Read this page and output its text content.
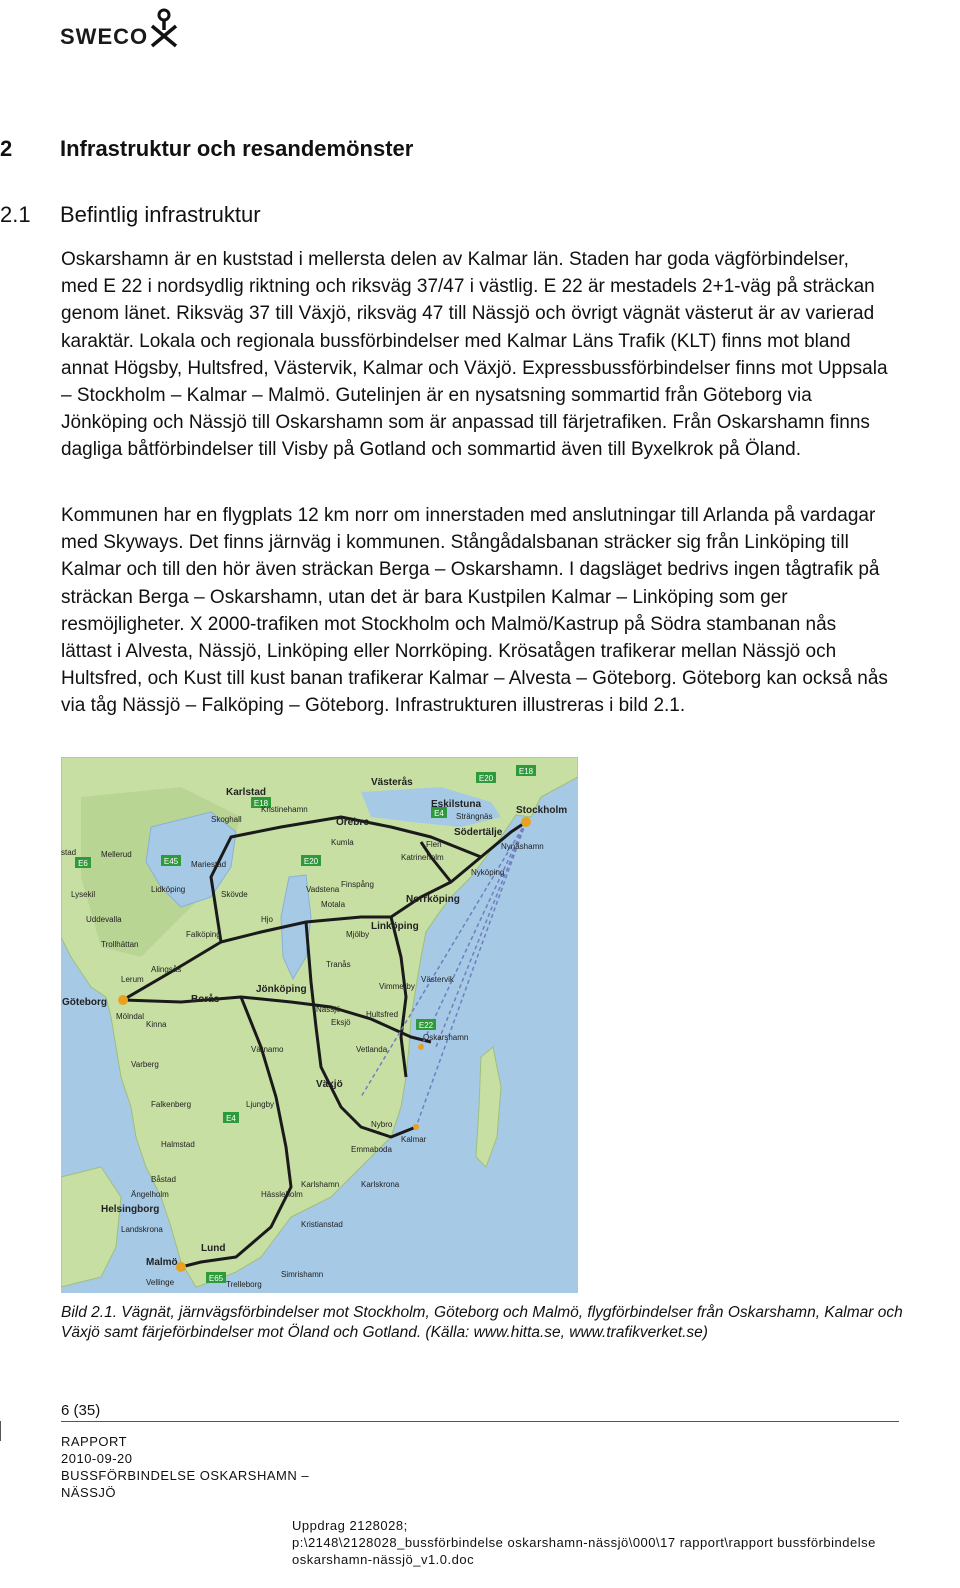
SWECO
2 Infrastruktur och resandemönster
2.1 Befintlig infrastruktur

Oskarshamn är en kuststad i mellersta delen av Kalmar län. Staden har goda vägförbindelser, med E 22 i nordsydlig riktning och riksväg 37/47 i västlig. E 22 är mestadels 2+1-väg på sträckan genom länet. Riksväg 37 till Växjö, riksväg 47 till Nässjö och övrigt vägnät västerut är av varierad karaktär. Lokala och regionala bussförbindelser med Kalmar Läns Trafik (KLT) finns mot bland annat Högsby, Hultsfred, Västervik, Kalmar och Växjö. Expressbussförbindelser finns mot Uppsala – Stockholm – Kalmar – Malmö. Gutelinjen är en nysatsning sommartid från Göteborg via Jönköping och Nässjö till Oskarshamn som är anpassad till färjetrafiken. Från Oskarshamn finns dagliga båtförbindelser till Visby på Gotland och sommartid även till Byxelkrok på Öland.

Kommunen har en flygplats 12 km norr om innerstaden med anslutningar till Arlanda på vardagar med Skyways. Det finns järnväg i kommunen. Stångådalsbanan sträcker sig från Linköping till Kalmar och till den hör även sträckan Berga – Oskarshamn. I dagsläget bedrivs ingen tågtrafik på sträckan Berga – Oskarshamn, utan det är bara Kustpilen Kalmar – Linköping som ger resmöjligheter. X 2000-trafiken mot Stockholm och Malmö/Kastrup på Södra stambanan nås lättast i Alvesta, Nässjö, Linköping eller Norrköping. Krösatågen trafikerar mellan Nässjö och Hultsfred, och Kust till kust banan trafikerar Kalmar – Alvesta – Göteborg. Göteborg kan också nås via tåg Nässjö – Falköping – Göteborg. Infrastrukturen illustreras i bild 2.1.

E18
E20
E45
E6
E4
E22
E65
E18
E20
E4
Västerås
Karlstad
Eskilstuna
Stockholm
Orebro
Södertälje
Norrköping
Linköping
Göteborg	Borås
Jönköping
Växjö
Helsingborg
Malmö
Lund
Kristinehamn
Skoghall
Katrineholm
Nyköping
Finspång
Motala
Mariestad
Lidköping
Skövde
Trollhättan
Uddevalla
Alingsås
Lerum
Kinna
Nässjö
Eksjö
Vetlanda
Värnamo
Falkenberg
Halmstad
Ljungby
Båstad
Ängelholm
Landskrona
Hässleholm
Kristianstad
Vellinge	Trelleborg
Simrishamn
Lysekil
Mölndal
Varberg
Västervik
Oskarshamn
Kalmar
Nybro
Emmaboda
Karlskrona
Karlshamn
Hultsfred
Vimmerby
Tranås
Mjölby
Hjo
Falköping
Vadstena
Kumla	Flen
Strängnäs
Nynäshamn
Mellerud
stad
Bild 2.1. Vägnät, järnvägsförbindelser mot Stockholm, Göteborg och Malmö, flygförbindelser från Oskarshamn, Kalmar och Växjö samt färjeförbindelser mot Öland och Gotland. (Källa: www.hitta.se, www.trafikverket.se)
6 (35)
RAPPORT
2010-09-20
BUSSFÖRBINDELSE OSKARSHAMN –
NÄSSJÖ
Uppdrag 2128028;
p:\2148\2128028_bussförbindelse oskarshamn-nässjö\000\17 rapport\rapport bussförbindelse
oskarshamn-nässjö_v1.0.doc
